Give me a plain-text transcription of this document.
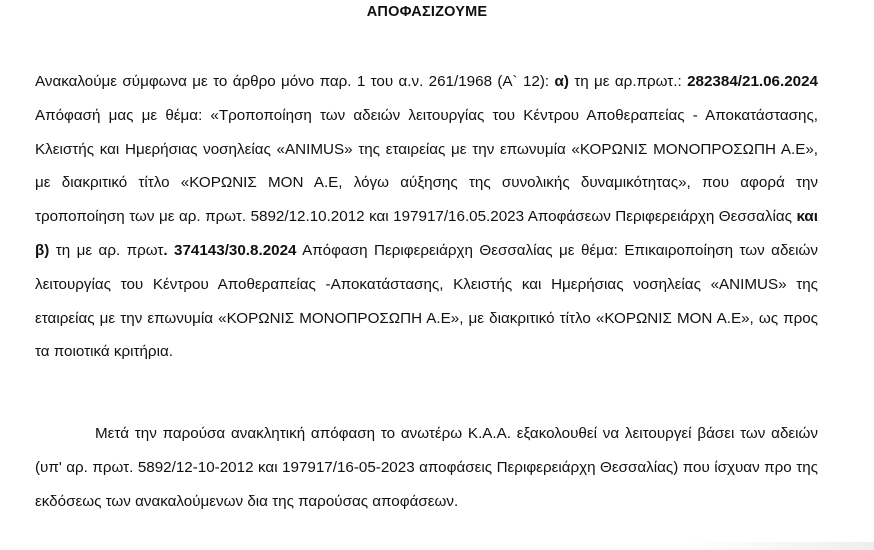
ΑΠΟΦΑΣΙΖΟΥΜΕ

Ανακαλούμε σύμφωνα με το άρθρο μόνο παρ. 1 του α.ν. 261/1968 (Α` 12): α) τη με αρ.πρωτ.: 282384/21.06.2024 Απόφασή μας με θέμα: «Τροποποίηση των αδειών λειτουργίας του Κέντρου Αποθεραπείας - Αποκατάστασης, Κλειστής και Ημερήσιας νοσηλείας «ANIMUS» της εταιρείας με την επωνυμία «ΚΟΡΩΝΙΣ ΜΟΝΟΠΡΟΣΩΠΗ Α.Ε», με διακριτικό τίτλο «ΚΟΡΩΝΙΣ ΜΟΝ Α.Ε, λόγω αύξησης της συνολικής δυναμικότητας», που αφορά την τροποποίηση των με αρ. πρωτ. 5892/12.10.2012 και 197917/16.05.2023 Αποφάσεων Περιφερειάρχη Θεσσαλίας και β) τη με αρ. πρωτ. 374143/30.8.2024 Απόφαση Περιφερειάρχη Θεσσαλίας με θέμα: Επικαιροποίηση των αδειών λειτουργίας του Κέντρου Αποθεραπείας -Αποκατάστασης, Κλειστής και Ημερήσιας νοσηλείας «ANIMUS» της εταιρείας με την επωνυμία «ΚΟΡΩΝΙΣ ΜΟΝΟΠΡΟΣΩΠΗ Α.Ε», με διακριτικό τίτλο «ΚΟΡΩΝΙΣ ΜΟΝ Α.Ε», ως προς τα ποιοτικά κριτήρια.

Μετά την παρούσα ανακλητική απόφαση το ανωτέρω Κ.Α.Α. εξακολουθεί να λειτουργεί βάσει των αδειών (υπ' αρ. πρωτ. 5892/12-10-2012 και 197917/16-05-2023 αποφάσεις Περιφερειάρχη Θεσσαλίας) που ίσχυαν προ της εκδόσεως των ανακαλούμενων δια της παρούσας αποφάσεων.
